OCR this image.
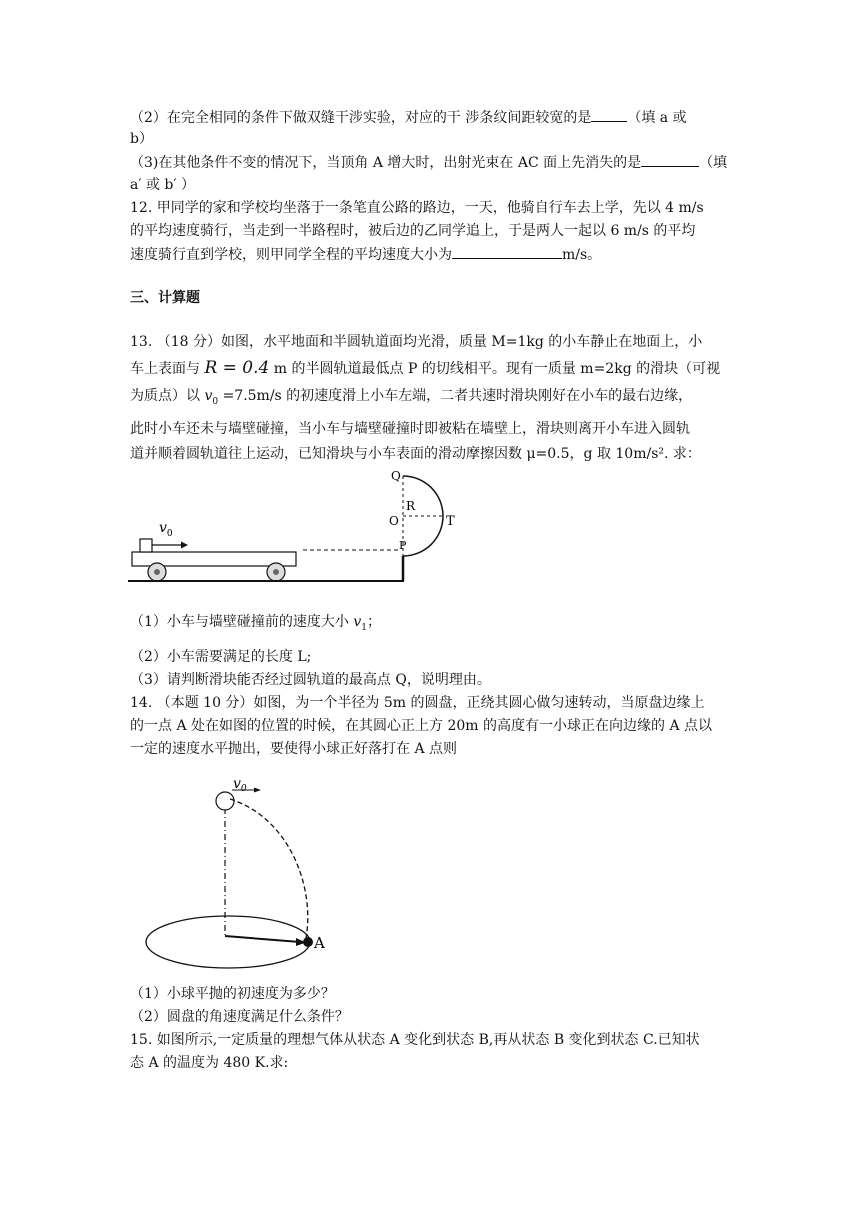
（2）在完全相同的条件下做双缝干涉实验，对应的干 涉条纹间距较宽的是	（填 a 或
b）
（3)在其他条件不变的情况下，当顶角 A 增大时，出射光束在 AC 面上先消失的是	（填
a′ 或 b′ ）
12. 甲同学的家和学校均坐落于一条笔直公路的路边，一天，他骑自行车去上学，先以 4 m/s
的平均速度骑行，当走到一半路程时，被后边的乙同学追上，于是两人一起以 6 m/s 的平均
速度骑行直到学校，则甲同学全程的平均速度大小为	m/s。
三、计算题
13. （18 分）如图，水平地面和半圆轨道面均光滑，质量 M=1kg 的小车静止在地面上，小
车上表面与 R = 0.4 m 的半圆轨道最低点 P 的切线相平。现有一质量 m=2kg 的滑块（可视
为质点）以 $v_0 =7.5m/s$ 的初速度滑上小车左端，二者共速时滑块刚好在小车的最右边缘，
此时小车还未与墙壁碰撞，当小车与墙壁碰撞时即被粘在墙壁上，滑块则离开小车进入圆轨
道并顺着圆轨道往上运动，已知滑块与小车表面的滑动摩擦因数 μ=0.5，g 取 10m/s². 求：
Q
R
O	T
P
$v_0$
（1）小车与墙壁碰撞前的速度大小 $v_1$；
（2）小车需要满足的长度 L;
（3）请判断滑块能否经过圆轨道的最高点 Q，说明理由。
14. （本题 10 分）如图，为一个半径为 5m 的圆盘，正绕其圆心做匀速转动，当原盘边缘上
的一点 A 处在如图的位置的时候，在其圆心正上方 20m 的高度有一小球正在向边缘的 A 点以
一定的速度水平抛出，要使得小球正好落打在 A 点则
A
$v_0$
（1）小球平抛的初速度为多少？
（2）圆盘的角速度满足什么条件？
15. 如图所示,一定质量的理想气体从状态 A 变化到状态 B,再从状态 B 变化到状态 C.已知状
态 A 的温度为 480 K.求:
